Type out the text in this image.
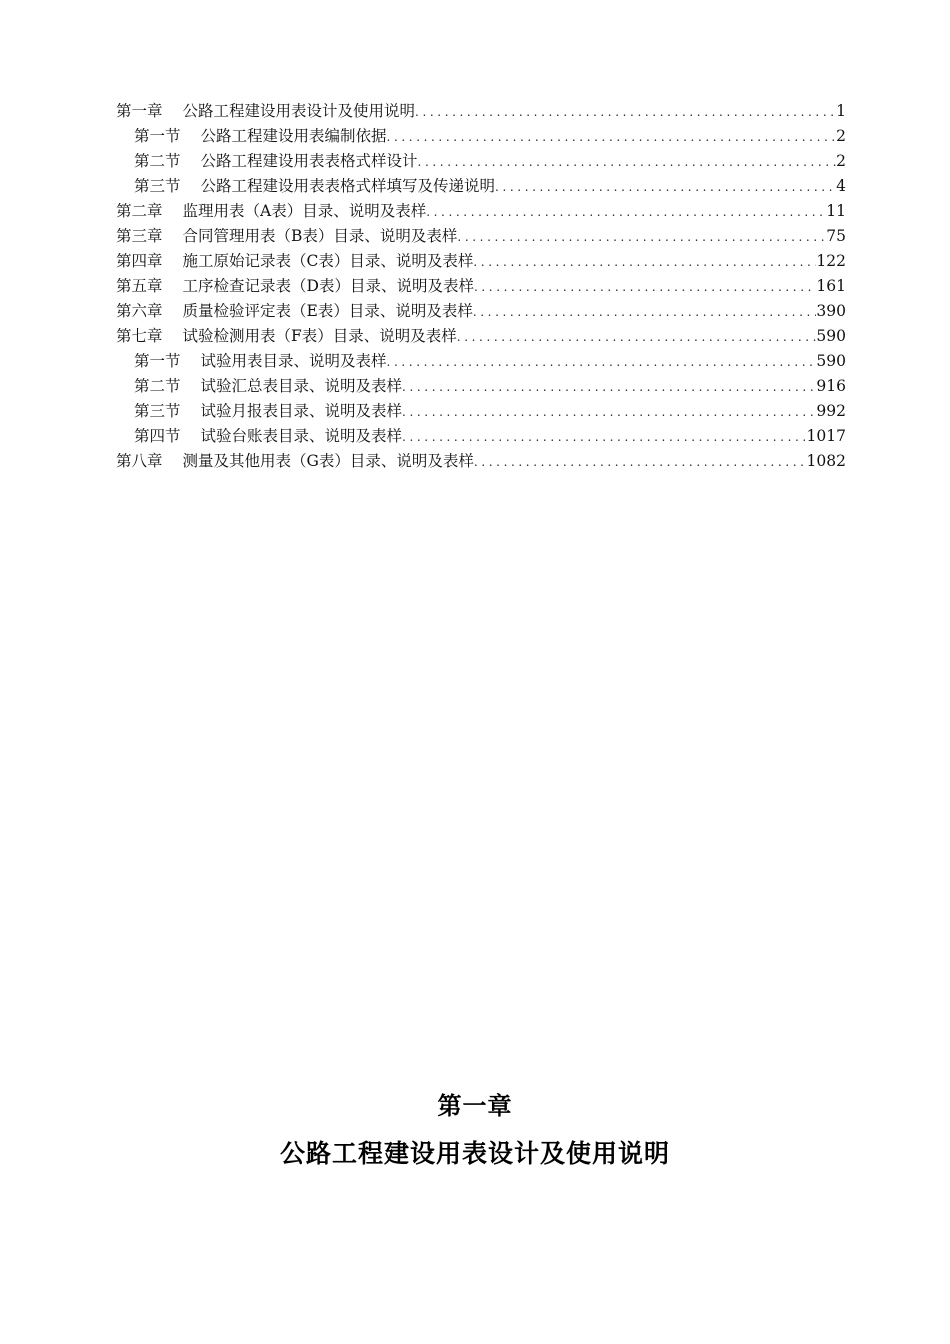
第一章 公路工程建设用表设计及使用说明 .....	1
第一节 公路工程建设用表编制依据 .....	2
第二节 公路工程建设用表表格式样设计 .....	2
第三节 公路工程建设用表表格式样填写及传递说明 .....	4
第二章 监理用表（A表）目录、说明及表样 .....	11
第三章 合同管理用表（B表）目录、说明及表样 .....	75
第四章 施工原始记录表（C表）目录、说明及表样 .....	122
第五章 工序检查记录表（D表）目录、说明及表样 .....	161
第六章 质量检验评定表（E表）目录、说明及表样 .....	390
第七章 试验检测用表（F表）目录、说明及表样 .....	590
第一节 试验用表目录、说明及表样 .....	590
第二节 试验汇总表目录、说明及表样 .....	916
第三节 试验月报表目录、说明及表样 .....	992
第四节 试验台账表目录、说明及表样 .....	1017
第八章 测量及其他用表（G表）目录、说明及表样 .....	1082
第一章
公路工程建设用表设计及使用说明
